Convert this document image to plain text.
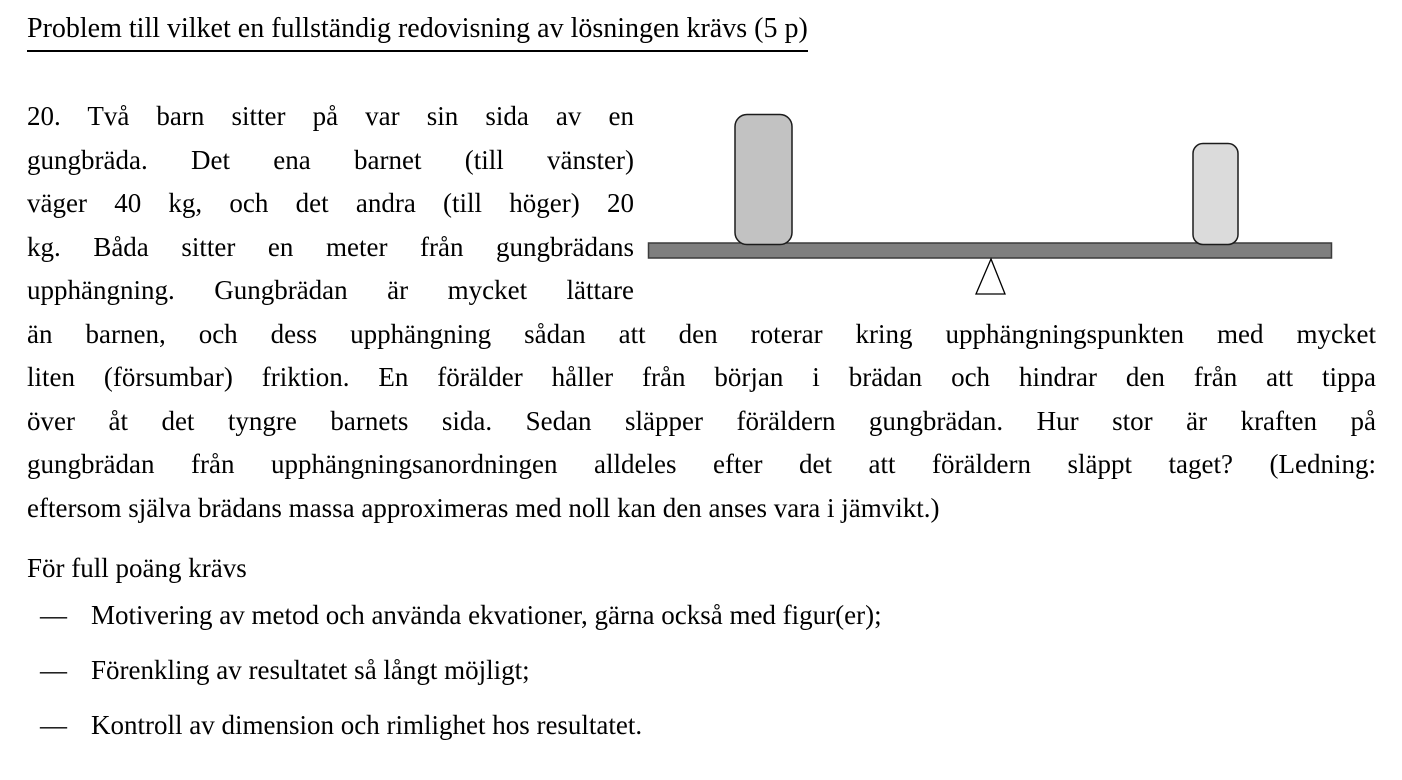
Problem till vilket en fullständig redovisning av lösningen krävs (5 p)
20. Två barn sitter på var sin sida av en
gungbräda. Det ena barnet (till vänster)
väger 40 kg, och det andra (till höger) 20
kg. Båda sitter en meter från gungbrädans
upphängning. Gungbrädan är mycket lättare
än barnen, och dess upphängning sådan att den roterar kring upphängningspunkten med mycket
liten (försumbar) friktion. En förälder håller från början i brädan och hindrar den från att tippa
över åt det tyngre barnets sida. Sedan släpper föräldern gungbrädan. Hur stor är kraften på
gungbrädan från upphängningsanordningen alldeles efter det att föräldern släppt taget? (Ledning:
eftersom själva brädans massa approximeras med noll kan den anses vara i jämvikt.)
För full poäng krävs
— Motivering av metod och använda ekvationer, gärna också med figur(er);
— Förenkling av resultatet så långt möjligt;
— Kontroll av dimension och rimlighet hos resultatet.
